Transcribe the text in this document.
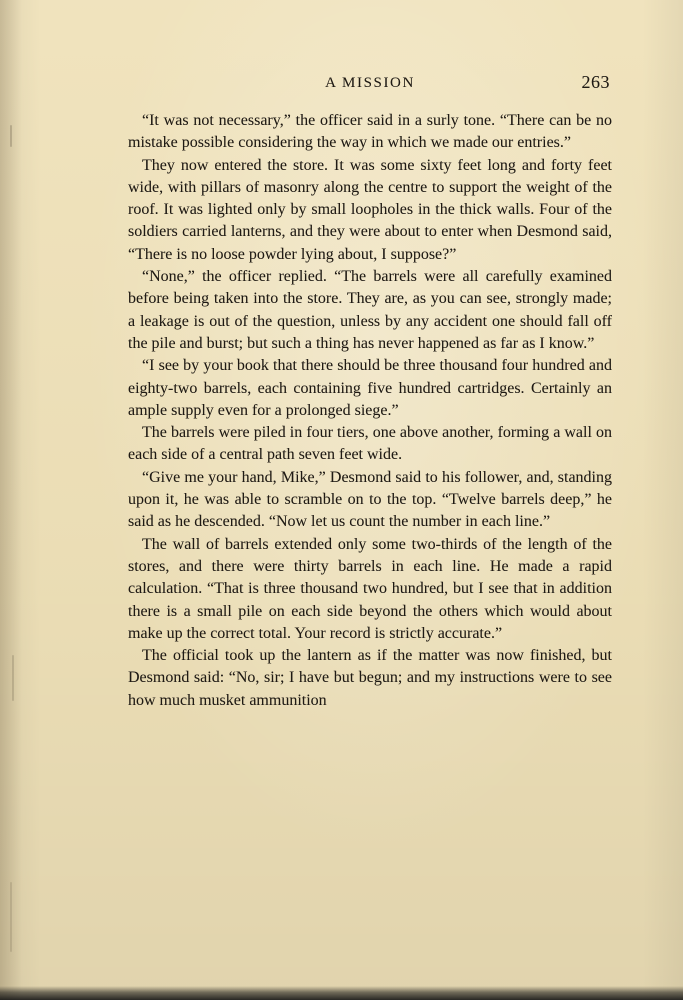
A MISSION	263

“It was not necessary,” the officer said in a surly tone. “There can be no mistake possible considering the way in which we made our entries.”

They now entered the store. It was some sixty feet long and forty feet wide, with pillars of masonry along the centre to support the weight of the roof. It was lighted only by small loopholes in the thick walls. Four of the soldiers carried lanterns, and they were about to enter when Desmond said, “There is no loose powder lying about, I suppose?”

“None,” the officer replied. “The barrels were all carefully examined before being taken into the store. They are, as you can see, strongly made; a leakage is out of the question, unless by any accident one should fall off the pile and burst; but such a thing has never happened as far as I know.”

“I see by your book that there should be three thousand four hundred and eighty-two barrels, each containing five hundred cartridges. Certainly an ample supply even for a prolonged siege.”

The barrels were piled in four tiers, one above another, forming a wall on each side of a central path seven feet wide.

“Give me your hand, Mike,” Desmond said to his follower, and, standing upon it, he was able to scramble on to the top. “Twelve barrels deep,” he said as he descended. “Now let us count the number in each line.”

The wall of barrels extended only some two-thirds of the length of the stores, and there were thirty barrels in each line. He made a rapid calculation. “That is three thousand two hundred, but I see that in addition there is a small pile on each side beyond the others which would about make up the correct total. Your record is strictly accurate.”

The official took up the lantern as if the matter was now finished, but Desmond said: “No, sir; I have but begun; and my instructions were to see how much musket ammunition
